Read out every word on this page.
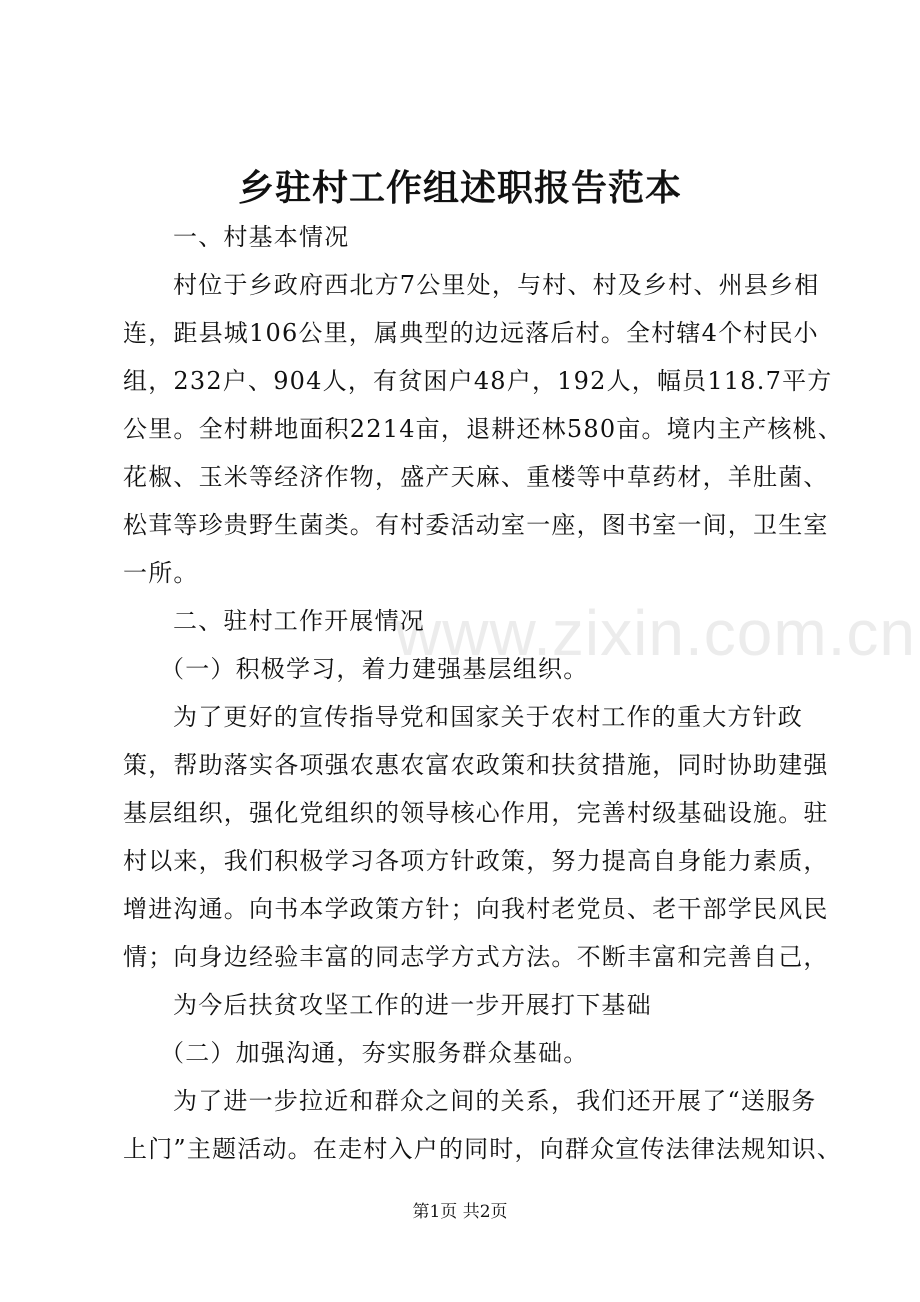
www.zixin.com.cn
乡驻村工作组述职报告范本
一、村基本情况
村位于乡政府西北方7公里处，与村、村及乡村、州县乡相
连，距县城106公里，属典型的边远落后村。全村辖4个村民小
组，232户、904人，有贫困户48户，192人，幅员118.7平方
公里。全村耕地面积2214亩，退耕还林580亩。境内主产核桃、
花椒、玉米等经济作物，盛产天麻、重楼等中草药材，羊肚菌、
松茸等珍贵野生菌类。有村委活动室一座，图书室一间，卫生室
一所。
二、驻村工作开展情况
（一）积极学习，着力建强基层组织。
为了更好的宣传指导党和国家关于农村工作的重大方针政
策，帮助落实各项强农惠农富农政策和扶贫措施，同时协助建强
基层组织，强化党组织的领导核心作用，完善村级基础设施。驻
村以来，我们积极学习各项方针政策，努力提高自身能力素质，
增进沟通。向书本学政策方针；向我村老党员、老干部学民风民
情；向身边经验丰富的同志学方式方法。不断丰富和完善自己，
为今后扶贫攻坚工作的进一步开展打下基础
（二）加强沟通，夯实服务群众基础。
为了进一步拉近和群众之间的关系，我们还开展了“送服务
上门”主题活动。在走村入户的同时，向群众宣传法律法规知识、
第1页 共2页
